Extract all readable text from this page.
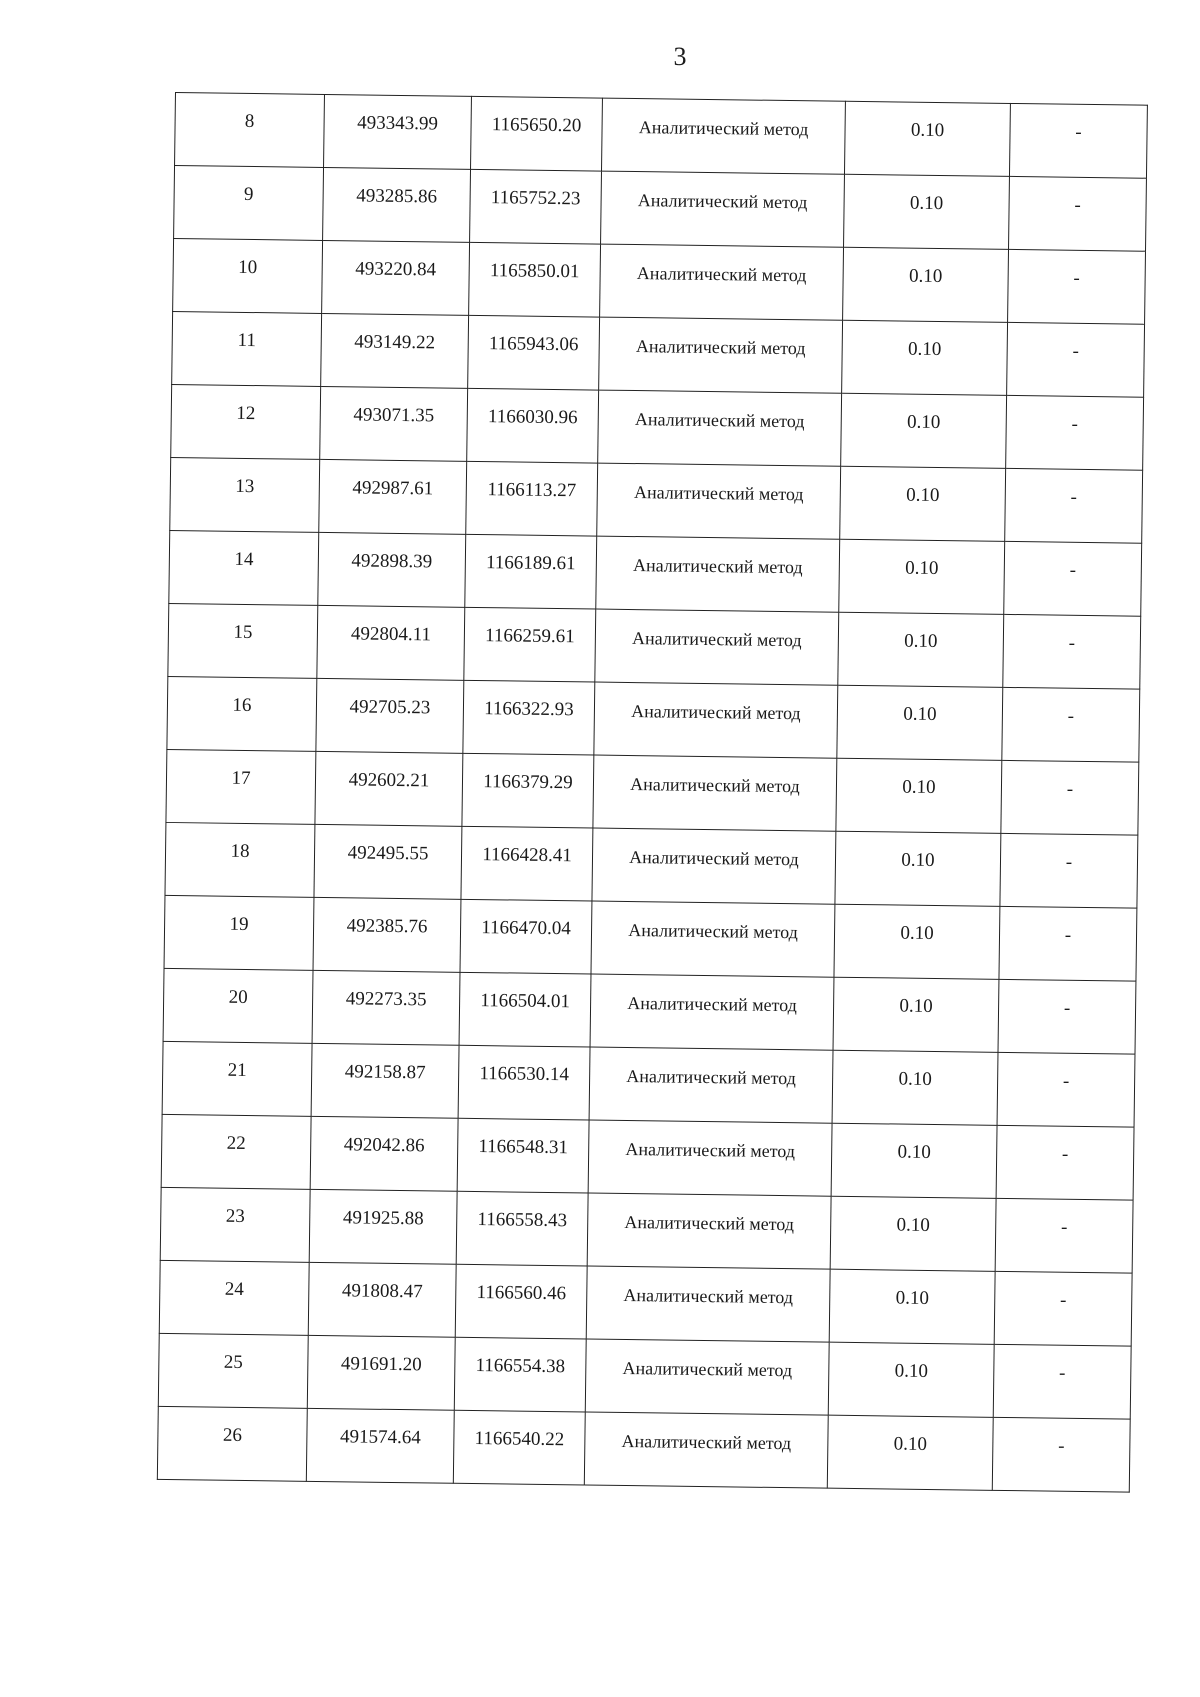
3
8	493343.99	1165650.20	Аналитический метод	0.10	-
9	493285.86	1165752.23	Аналитический метод	0.10	-
10	493220.84	1165850.01	Аналитический метод	0.10	-
11	493149.22	1165943.06	Аналитический метод	0.10	-
12	493071.35	1166030.96	Аналитический метод	0.10	-
13	492987.61	1166113.27	Аналитический метод	0.10	-
14	492898.39	1166189.61	Аналитический метод	0.10	-
15	492804.11	1166259.61	Аналитический метод	0.10	-
16	492705.23	1166322.93	Аналитический метод	0.10	-
17	492602.21	1166379.29	Аналитический метод	0.10	-
18	492495.55	1166428.41	Аналитический метод	0.10	-
19	492385.76	1166470.04	Аналитический метод	0.10	-
20	492273.35	1166504.01	Аналитический метод	0.10	-
21	492158.87	1166530.14	Аналитический метод	0.10	-
22	492042.86	1166548.31	Аналитический метод	0.10	-
23	491925.88	1166558.43	Аналитический метод	0.10	-
24	491808.47	1166560.46	Аналитический метод	0.10	-
25	491691.20	1166554.38	Аналитический метод	0.10	-
26	491574.64	1166540.22	Аналитический метод	0.10	-
